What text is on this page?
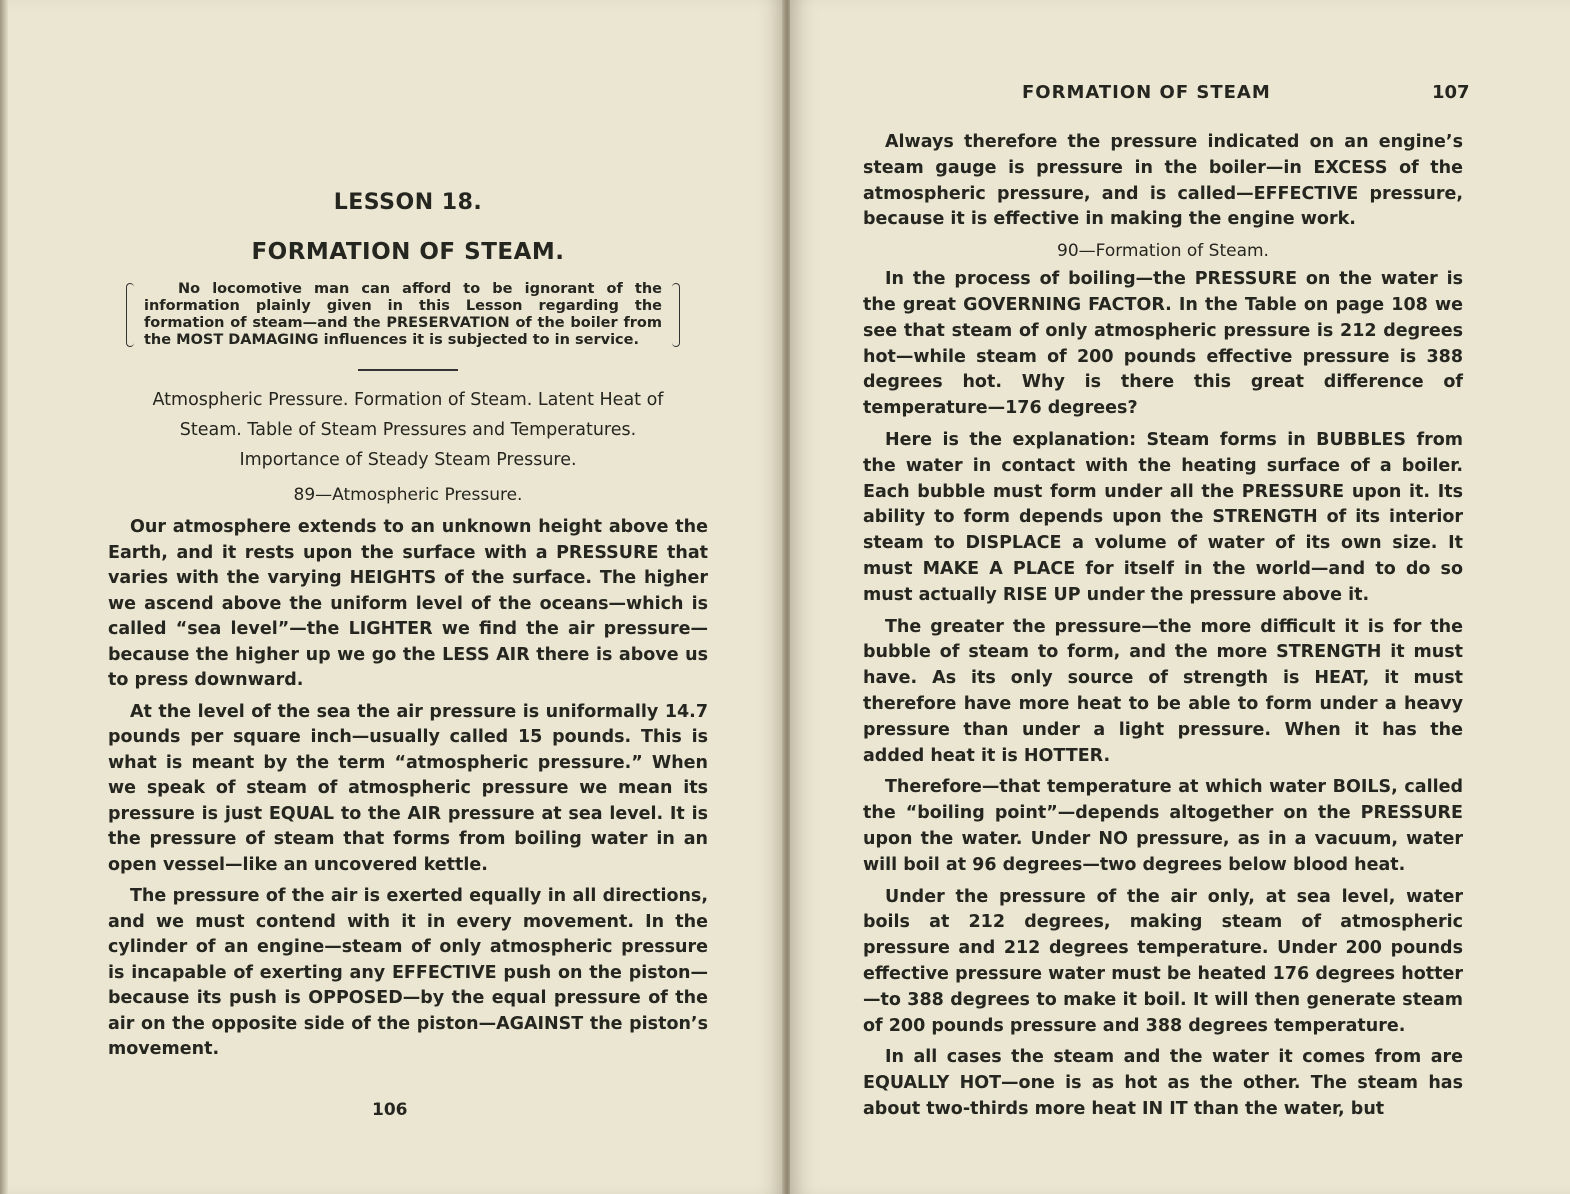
LESSON 18.
FORMATION OF STEAM.
No locomotive man can afford to be ignorant of the information plainly given in this Lesson regarding the formation of steam—and the PRESERVATION of the boiler from the MOST DAMAGING influences it is subjected to in service.
Atmospheric Pressure. Formation of Steam. Latent Heat of
Steam. Table of Steam Pressures and Temperatures.
Importance of Steady Steam Pressure.
89—Atmospheric Pressure.

Our atmosphere extends to an unknown height above the Earth, and it rests upon the surface with a PRESSURE that varies with the varying HEIGHTS of the surface. The higher we ascend above the uniform level of the oceans—which is called “sea level”—the LIGHTER we find the air pressure—because the higher up we go the LESS AIR there is above us to press downward.

At the level of the sea the air pressure is uniformally 14.7 pounds per square inch—usually called 15 pounds. This is what is meant by the term “atmospheric pressure.” When we speak of steam of atmospheric pressure we mean its pressure is just EQUAL to the AIR pressure at sea level. It is the pressure of steam that forms from boiling water in an open vessel—like an uncovered kettle.

The pressure of the air is exerted equally in all directions, and we must contend with it in every movement. In the cylinder of an engine—steam of only atmospheric pressure is incapable of exerting any EFFECTIVE push on the piston—because its push is OPPOSED—by the equal pressure of the air on the opposite side of the piston—AGAINST the piston’s movement.

106
FORMATION OF STEAM	107

Always therefore the pressure indicated on an engine’s steam gauge is pressure in the boiler—in EXCESS of the atmospheric pressure, and is called—EFFECTIVE pressure, because it is effective in making the engine work.

90—Formation of Steam.

In the process of boiling—the PRESSURE on the water is the great GOVERNING FACTOR. In the Table on page 108 we see that steam of only atmospheric pressure is 212 degrees hot—while steam of 200 pounds effective pressure is 388 degrees hot. Why is there this great difference of temperature—176 degrees?

Here is the explanation: Steam forms in BUBBLES from the water in contact with the heating surface of a boiler. Each bubble must form under all the PRESSURE upon it. Its ability to form depends upon the STRENGTH of its interior steam to DISPLACE a volume of water of its own size. It must MAKE A PLACE for itself in the world—and to do so must actually RISE UP under the pressure above it.

The greater the pressure—the more difficult it is for the bubble of steam to form, and the more STRENGTH it must have. As its only source of strength is HEAT, it must therefore have more heat to be able to form under a heavy pressure than under a light pressure. When it has the added heat it is HOTTER.

Therefore—that temperature at which water BOILS, called the “boiling point”—depends altogether on the PRESSURE upon the water. Under NO pressure, as in a vacuum, water will boil at 96 degrees—two degrees below blood heat.

Under the pressure of the air only, at sea level, water boils at 212 degrees, making steam of atmospheric pressure and 212 degrees temperature. Under 200 pounds effective pressure water must be heated 176 degrees hotter—to 388 degrees to make it boil. It will then generate steam of 200 pounds pressure and 388 degrees temperature.

In all cases the steam and the water it comes from are EQUALLY HOT—one is as hot as the other. The steam has about two-thirds more heat IN IT than the water, but
